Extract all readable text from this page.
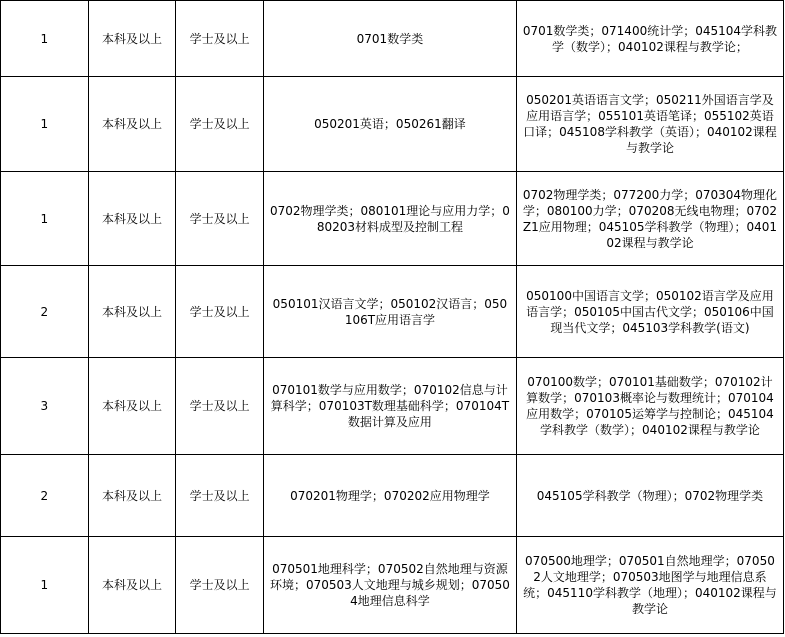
1	本科及以上	学士及以上	0701数学类	0701数学类；071400统计学；045104学科教学（数学）；040102课程与教学论；
1	本科及以上	学士及以上	050201英语；050261翻译	050201英语语言文学；050211外国语言学及应用语言学；055101英语笔译；055102英语口译；045108学科教学（英语）；040102课程与教学论
1	本科及以上	学士及以上	0702物理学类；080101理论与应用力学；080203材料成型及控制工程	0702物理学类；077200力学；070304物理化学；080100力学；070208无线电物理；0702Z1应用物理；045105学科教学（物理）；040102课程与教学论
2	本科及以上	学士及以上	050101汉语言文学；050102汉语言；050106T应用语言学	050100中国语言文学；050102语言学及应用语言学；050105中国古代文学；050106中国现当代文学；045103学科教学(语文)
3	本科及以上	学士及以上	070101数学与应用数学；070102信息与计算科学；070103T数理基础科学；070104T数据计算及应用	070100数学；070101基础数学；070102计算数学；070103概率论与数理统计；070104应用数学；070105运筹学与控制论；045104学科教学（数学）；040102课程与教学论
2	本科及以上	学士及以上	070201物理学；070202应用物理学	045105学科教学（物理）；0702物理学类
1	本科及以上	学士及以上	070501地理科学；070502自然地理与资源环境；070503人文地理与城乡规划；070504地理信息科学	070500地理学；070501自然地理学；070502人文地理学；070503地图学与地理信息系统；045110学科教学（地理）；040102课程与教学论
